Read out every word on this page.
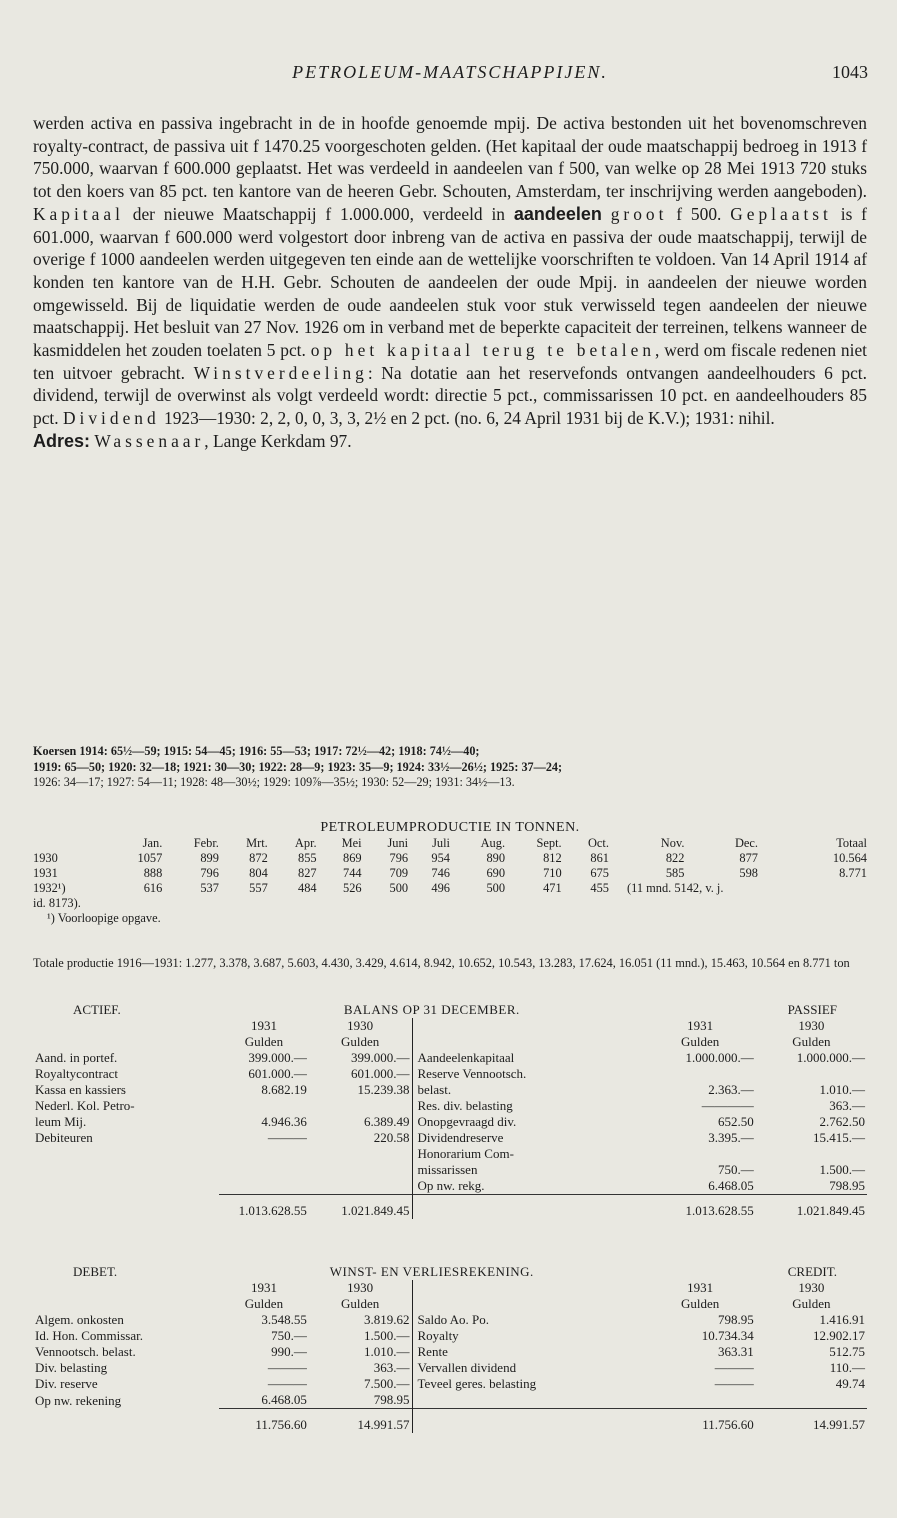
PETROLEUM-MAATSCHAPPIJEN.	1043

werden activa en passiva ingebracht in de in hoofde genoemde mpij. De activa bestonden uit het bovenomschreven royalty-contract, de passiva uit f 1470.25 voorgeschoten gelden. (Het kapitaal der oude maatschappij bedroeg in 1913 f 750.000, waarvan f 600.000 geplaatst. Het was verdeeld in aandeelen van f 500, van welke op 28 Mei 1913 720 stuks tot den koers van 85 pct. ten kantore van de heeren Gebr. Schouten, Amsterdam, ter inschrijving werden aangeboden). Kapitaal der nieuwe Maatschappij f 1.000.000, verdeeld in aandeelen groot f 500. Geplaatst is f 601.000, waarvan f 600.000 werd volgestort door inbreng van de activa en passiva der oude maatschappij, terwijl de overige f 1000 aandeelen werden uitgegeven ten einde aan de wettelijke voorschriften te voldoen. Van 14 April 1914 af konden ten kantore van de H.H. Gebr. Schouten de aandeelen der oude Mpij. in aandeelen der nieuwe worden omgewisseld. Bij de liquidatie werden de oude aandeelen stuk voor stuk verwisseld tegen aandeelen der nieuwe maatschappij. Het besluit van 27 Nov. 1926 om in verband met de beperkte capaciteit der terreinen, telkens wanneer de kasmiddelen het zouden toelaten 5 pct. op het kapitaal terug te betalen, werd om fiscale redenen niet ten uitvoer gebracht. Winstverdeeling: Na dotatie aan het reservefonds ontvangen aandeelhouders 6 pct. dividend, terwijl de overwinst als volgt verdeeld wordt: directie 5 pct., commissarissen 10 pct. en aandeelhouders 85 pct. Dividend 1923—1930: 2, 2, 0, 0, 3, 3, 2½ en 2 pct. (no. 6, 24 April 1931 bij de K.V.); 1931: nihil.

Adres: Wassenaar, Lange Kerkdam 97.

Koersen 1914: 65½—59; 1915: 54—45; 1916: 55—53; 1917: 72½—42; 1918: 74½—40;
1919: 65—50; 1920: 32—18; 1921: 30—30; 1922: 28—9; 1923: 35—9; 1924: 33½—26½; 1925: 37—24;
1926: 34—17; 1927: 54—11; 1928: 48—30½; 1929: 109⅞—35½; 1930: 52—29; 1931: 34½—13.
PETROLEUMPRODUCTIE IN TONNEN.
	Jan.	Febr.	Mrt.	Apr.	Mei	Juni	Juli	Aug.	Sept.	Oct.	Nov.	Dec.	Totaal
1930	1057	899	872	855	869	796	954	890	812	861	822	877	10.564
1931	888	796	804	827	744	709	746	690	710	675	585	598	8.771
1932¹)	616	537	557	484	526	500	496	500	471	455	(11 mnd. 5142, v. j.		
id. 8173).
¹) Voorloopige opgave.
Totale productie 1916—1931: 1.277, 3.378, 3.687, 5.603, 4.430, 3.429, 4.614, 8.942, 10.652, 10.543, 13.283, 17.624, 16.051 (11 mnd.), 15.463, 10.564 en 8.771 ton
ACTIEF.	BALANS OP 31 DECEMBER.			PASSIEF	
	1931	1930		1931	1930
	Gulden	Gulden		Gulden	Gulden
Aand. in portef.	399.000.—	399.000.—	Aandeelenkapitaal	1.000.000.—	1.000.000.—
Royaltycontract	601.000.—	601.000.—	Reserve Vennootsch.		
Kassa en kassiers	8.682.19	15.239.38	belast.	2.363.—	1.010.—
Nederl. Kol. Petro-			Res. div. belasting	————	363.—
leum Mij.	4.946.36	6.389.49	Onopgevraagd div.	652.50	2.762.50
Debiteuren	———	220.58	Dividendreserve	3.395.—	15.415.—
			Honorarium Com-		
			missarissen	750.—	1.500.—
			Op nw. rekg.	6.468.05	798.95

	1.013.628.55	1.021.849.45		1.013.628.55	1.021.849.45
DEBET.	WINST- EN VERLIESREKENING.			CREDIT.	
	1931	1930		1931	1930
	Gulden	Gulden		Gulden	Gulden
Algem. onkosten	3.548.55	3.819.62	Saldo Ao. Po.	798.95	1.416.91
Id. Hon. Commissar.	750.—	1.500.—	Royalty	10.734.34	12.902.17
Vennootsch. belast.	990.—	1.010.—	Rente	363.31	512.75
Div. belasting	———	363.—	Vervallen dividend	———	110.—
Div. reserve	———	7.500.—	Teveel geres. belasting	———	49.74
Op nw. rekening	6.468.05	798.95			

	11.756.60	14.991.57		11.756.60	14.991.57
